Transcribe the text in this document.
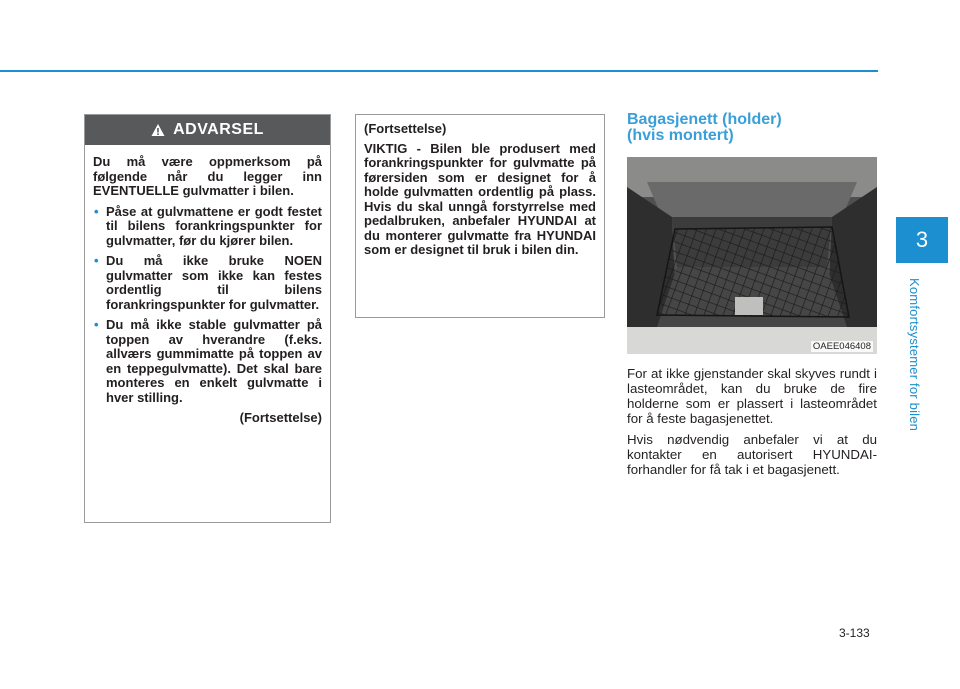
3
Komfortsystemer for bilen
ADVARSEL

Du må være oppmerksom på følgende når du legger inn EVENTUELLE gulvmatter i bilen.

• Påse at gulvmattene er godt festet til bilens forankringspunkter for gulvmatter, før du kjører bilen.
• Du må ikke bruke NOEN gulvmatter som ikke kan festes ordentlig til bilens forankringspunkter for gulvmatter.
• Du må ikke stable gulvmatter på toppen av hverandre (f.eks. allværs gummimatte på toppen av en teppegulvmatte). Det skal bare monteres en enkelt gulvmatte i hver stilling.
(Fortsettelse)

(Fortsettelse)

VIKTIG - Bilen ble produsert med forankringspunkter for gulvmatte på førersiden som er designet for å holde gulvmatten ordentlig på plass. Hvis du skal unngå forstyrrelse med pedalbruken, anbefaler HYUNDAI at du monterer gulvmatte fra HYUNDAI som er designet til bruk i bilen din.

Bagasjenett (holder)
(hvis montert)
OAEE046408

For at ikke gjenstander skal skyves rundt i lasteområdet, kan du bruke de fire holderne som er plassert i lasteområdet for å feste bagasjenettet.

Hvis nødvendig anbefaler vi at du kontakter en autorisert HYUNDAI-forhandler for få tak i et bagasjenett.

3-133
